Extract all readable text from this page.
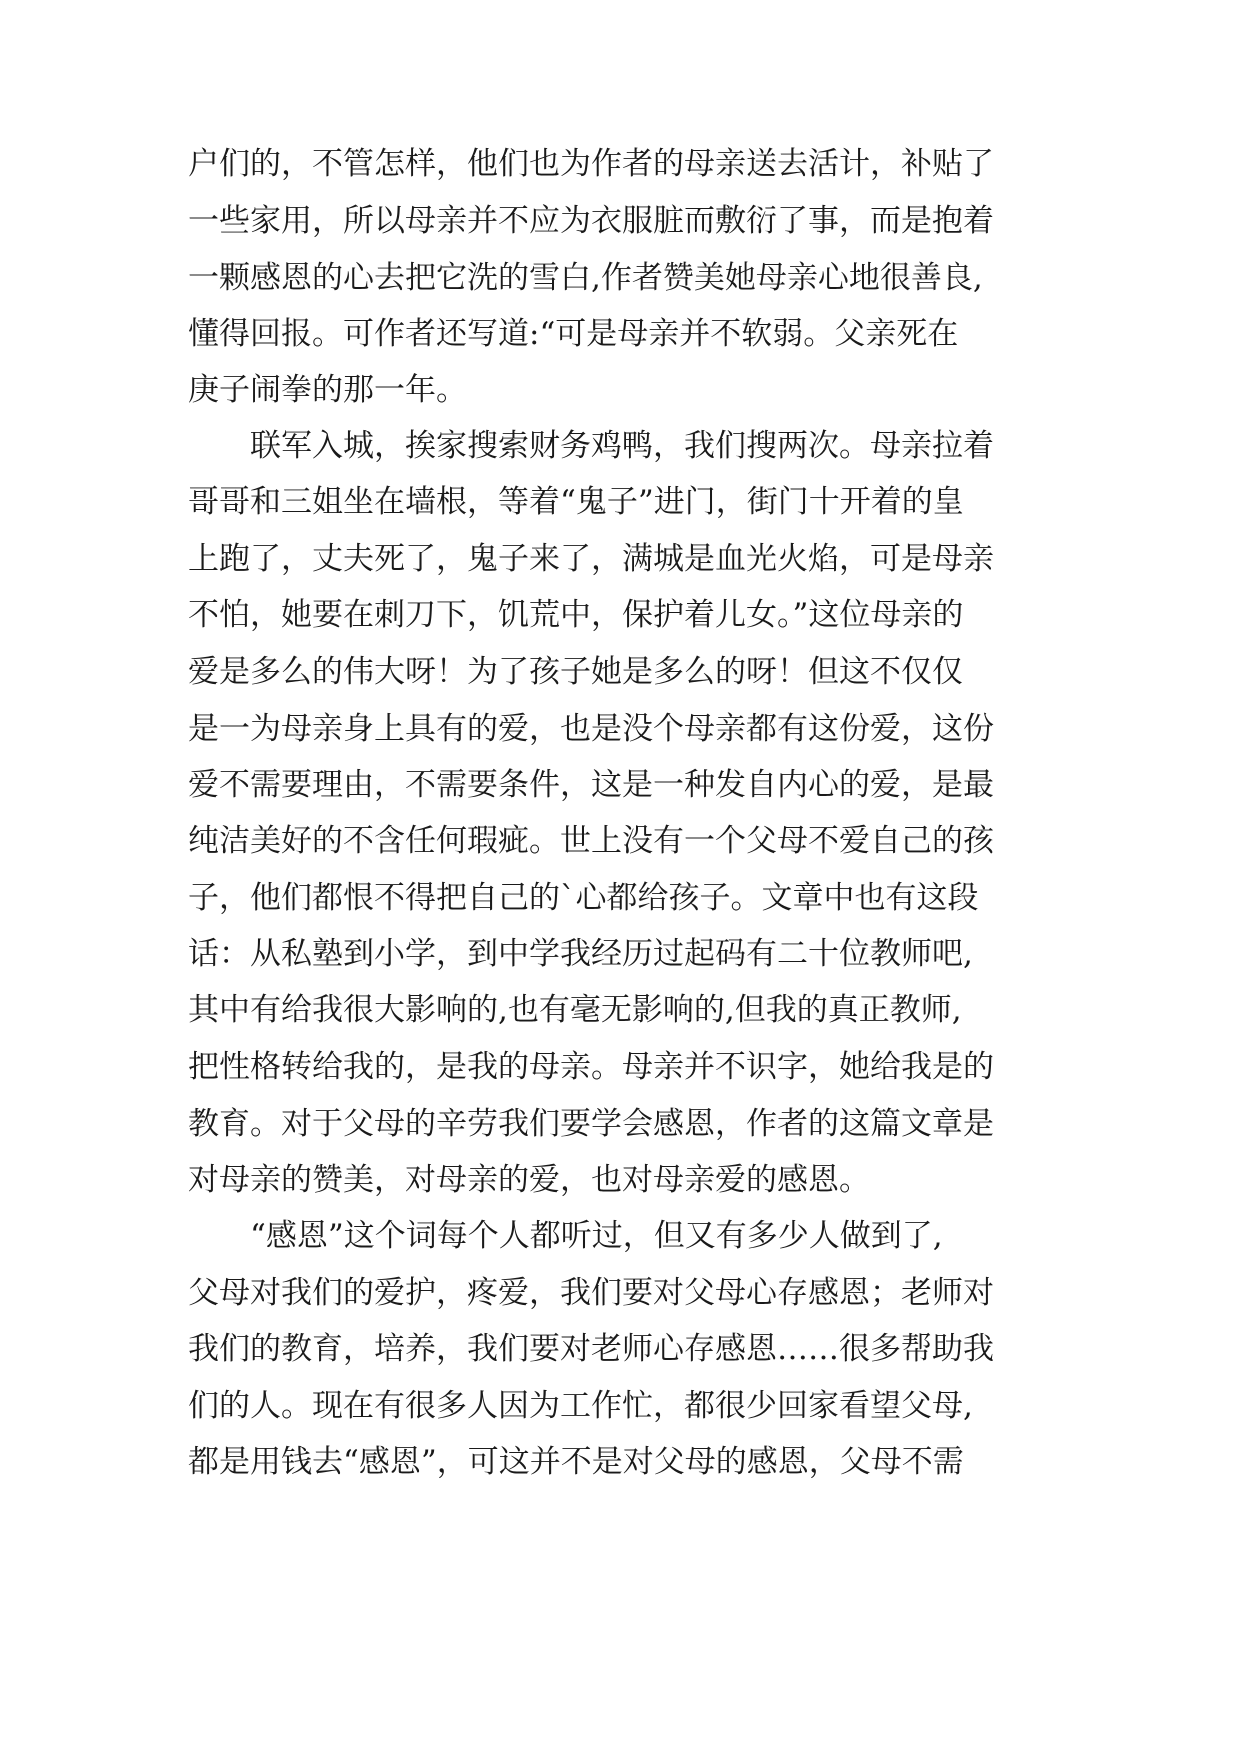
户们的，不管怎样，他们也为作者的母亲送去活计，补贴了
一些家用，所以母亲并不应为衣服脏而敷衍了事，而是抱着
一颗感恩的心去把它洗的雪白,作者赞美她母亲心地很善良,
懂得回报。可作者还写道:“可是母亲并不软弱。父亲死在
庚子闹拳的那一年。
　　联军入城，挨家搜索财务鸡鸭，我们搜两次。母亲拉着
哥哥和三姐坐在墙根，等着“鬼子”进门，街门十开着的皇
上跑了，丈夫死了，鬼子来了，满城是血光火焰，可是母亲
不怕，她要在刺刀下，饥荒中，保护着儿女。”这位母亲的
爱是多么的伟大呀！为了孩子她是多么的呀！但这不仅仅
是一为母亲身上具有的爱，也是没个母亲都有这份爱，这份
爱不需要理由，不需要条件，这是一种发自内心的爱，是最
纯洁美好的不含任何瑕疵。世上没有一个父母不爱自己的孩
子，他们都恨不得把自己的`心都给孩子。文章中也有这段
话：从私塾到小学，到中学我经历过起码有二十位教师吧,
其中有给我很大影响的,也有毫无影响的,但我的真正教师,
把性格转给我的，是我的母亲。母亲并不识字，她给我是的
教育。对于父母的辛劳我们要学会感恩，作者的这篇文章是
对母亲的赞美，对母亲的爱，也对母亲爱的感恩。
　　“感恩”这个词每个人都听过，但又有多少人做到了,
父母对我们的爱护，疼爱，我们要对父母心存感恩；老师对
我们的教育，培养，我们要对老师心存感恩……很多帮助我
们的人。现在有很多人因为工作忙，都很少回家看望父母,
都是用钱去“感恩”，可这并不是对父母的感恩，父母不需
